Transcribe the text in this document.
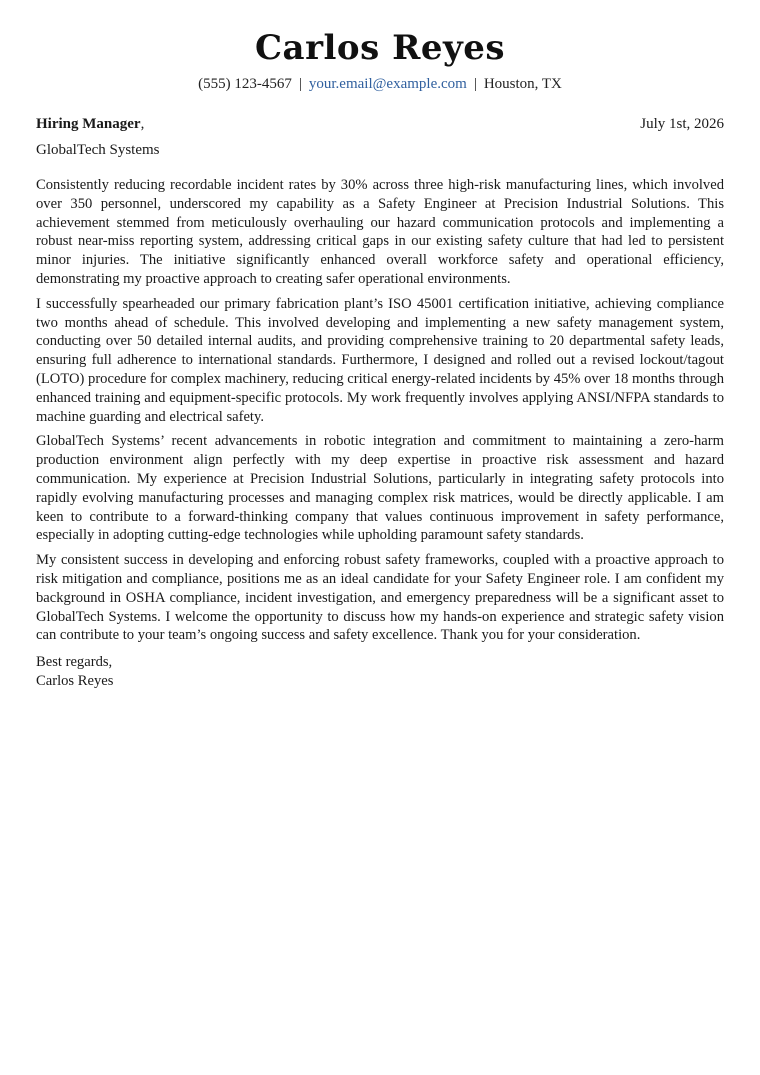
Carlos Reyes
(555) 123-4567 | your.email@example.com | Houston, TX
Hiring Manager,	July 1st, 2026
GlobalTech Systems

Consistently reducing recordable incident rates by 30% across three high-risk manufacturing lines, which involved over 350 personnel, underscored my capability as a Safety Engineer at Precision Industrial Solutions. This achievement stemmed from meticulously overhauling our hazard communication protocols and implementing a robust near-miss reporting system, addressing critical gaps in our existing safety culture that had led to persistent minor injuries. The initiative significantly enhanced overall workforce safety and operational efficiency, demonstrating my proactive approach to creating safer operational environments.

I successfully spearheaded our primary fabrication plant’s ISO 45001 certification initiative, achieving compliance two months ahead of schedule. This involved developing and implementing a new safety management system, conducting over 50 detailed internal audits, and providing comprehensive training to 20 departmental safety leads, ensuring full adherence to international standards. Furthermore, I designed and rolled out a revised lockout/tagout (LOTO) procedure for complex machinery, reducing critical energy-related incidents by 45% over 18 months through enhanced training and equipment-specific protocols. My work frequently involves applying ANSI/NFPA standards to machine guarding and electrical safety.

GlobalTech Systems’ recent advancements in robotic integration and commitment to maintaining a zero-harm production environment align perfectly with my deep expertise in proactive risk assessment and hazard communication. My experience at Precision Industrial Solutions, particularly in integrating safety protocols into rapidly evolving manufacturing processes and managing complex risk matrices, would be directly applicable. I am keen to contribute to a forward-thinking company that values continuous improvement in safety performance, especially in adopting cutting-edge technologies while upholding paramount safety standards.

My consistent success in developing and enforcing robust safety frameworks, coupled with a proactive approach to risk mitigation and compliance, positions me as an ideal candidate for your Safety Engineer role. I am confident my background in OSHA compliance, incident investigation, and emergency preparedness will be a significant asset to GlobalTech Systems. I welcome the opportunity to discuss how my hands-on experience and strategic safety vision can contribute to your team’s ongoing success and safety excellence. Thank you for your consideration.

Best regards,
Carlos Reyes
